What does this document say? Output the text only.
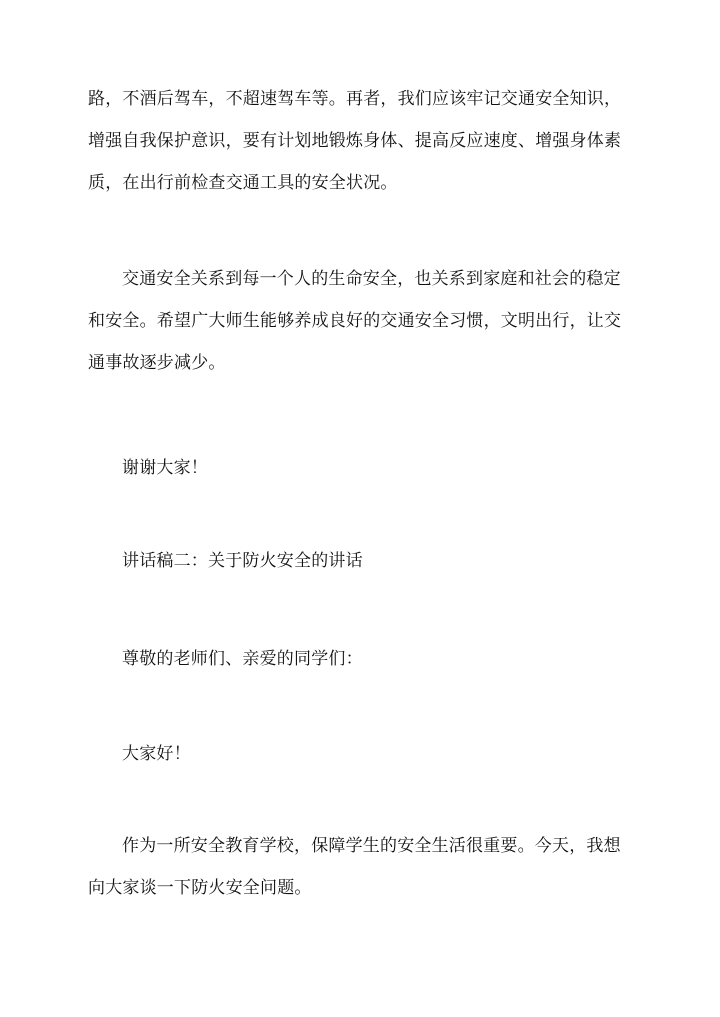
路，不酒后驾车，不超速驾车等。再者，我们应该牢记交通安全知识，增强自我保护意识，要有计划地锻炼身体、提高反应速度、增强身体素质，在出行前检查交通工具的安全状况。

交通安全关系到每一个人的生命安全，也关系到家庭和社会的稳定和安全。希望广大师生能够养成良好的交通安全习惯，文明出行，让交通事故逐步减少。

谢谢大家！

讲话稿二：关于防火安全的讲话

尊敬的老师们、亲爱的同学们：

大家好！

作为一所安全教育学校，保障学生的安全生活很重要。今天，我想向大家谈一下防火安全问题。
